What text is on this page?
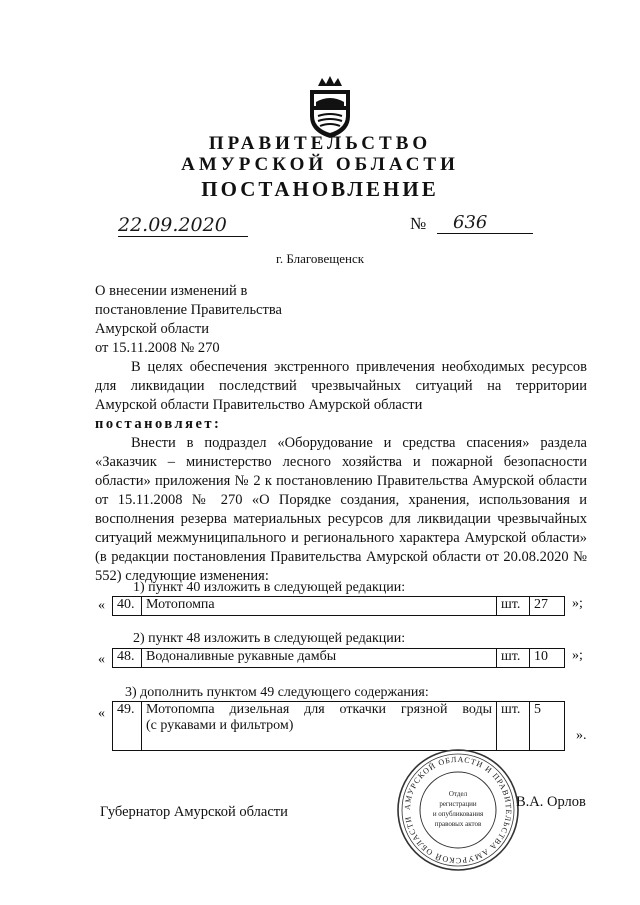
ПРАВИТЕЛЬСТВО
АМУРСКОЙ ОБЛАСТИ
ПОСТАНОВЛЕНИЕ
22.09.2020	№	636
г. Благовещенск
О внесении изменений в
постановление Правительства
Амурской области
от 15.11.2008 № 270
В целях обеспечения экстренного привлечения необходимых ресурсов для ликвидации последствий чрезвычайных ситуаций на территории Амурской области Правительство Амурской области
постановляет:
Внести в подраздел «Оборудование и средства спасения» раздела «Заказчик – министерство лесного хозяйства и пожарной безопасности области» приложения № 2 к постановлению Правительства Амурской области от 15.11.2008 № 270 «О Порядке создания, хранения, использования и восполнения резерва материальных ресурсов для ликвидации чрезвычайных ситуаций межмуниципального и регионального характера Амурской области» (в редакции постановления Правительства Амурской области от 20.08.2020 № 552) следующие изменения:
1) пункт 40 изложить в следующей редакции:
« 40.	Мотопомпа	шт.	27 »;
2) пункт 48 изложить в следующей редакции:
« 48.	Водоналивные рукавные дамбы	шт.	10 »;
3) дополнить пунктом 49 следующего содержания:
« 49.	Мотопомпа дизельная для откачки грязной воды
(с рукавами и фильтром)
	шт.	5
».
Губернатор Амурской области	АМУРСКОЙ ОБЛАСТИ И ПРАВИТЕЛЬСТВА АМУРСКОЙ ОБЛАСТИ
Отдел
регистрации
и опубликования
правовых актов
В.А. Орлов
